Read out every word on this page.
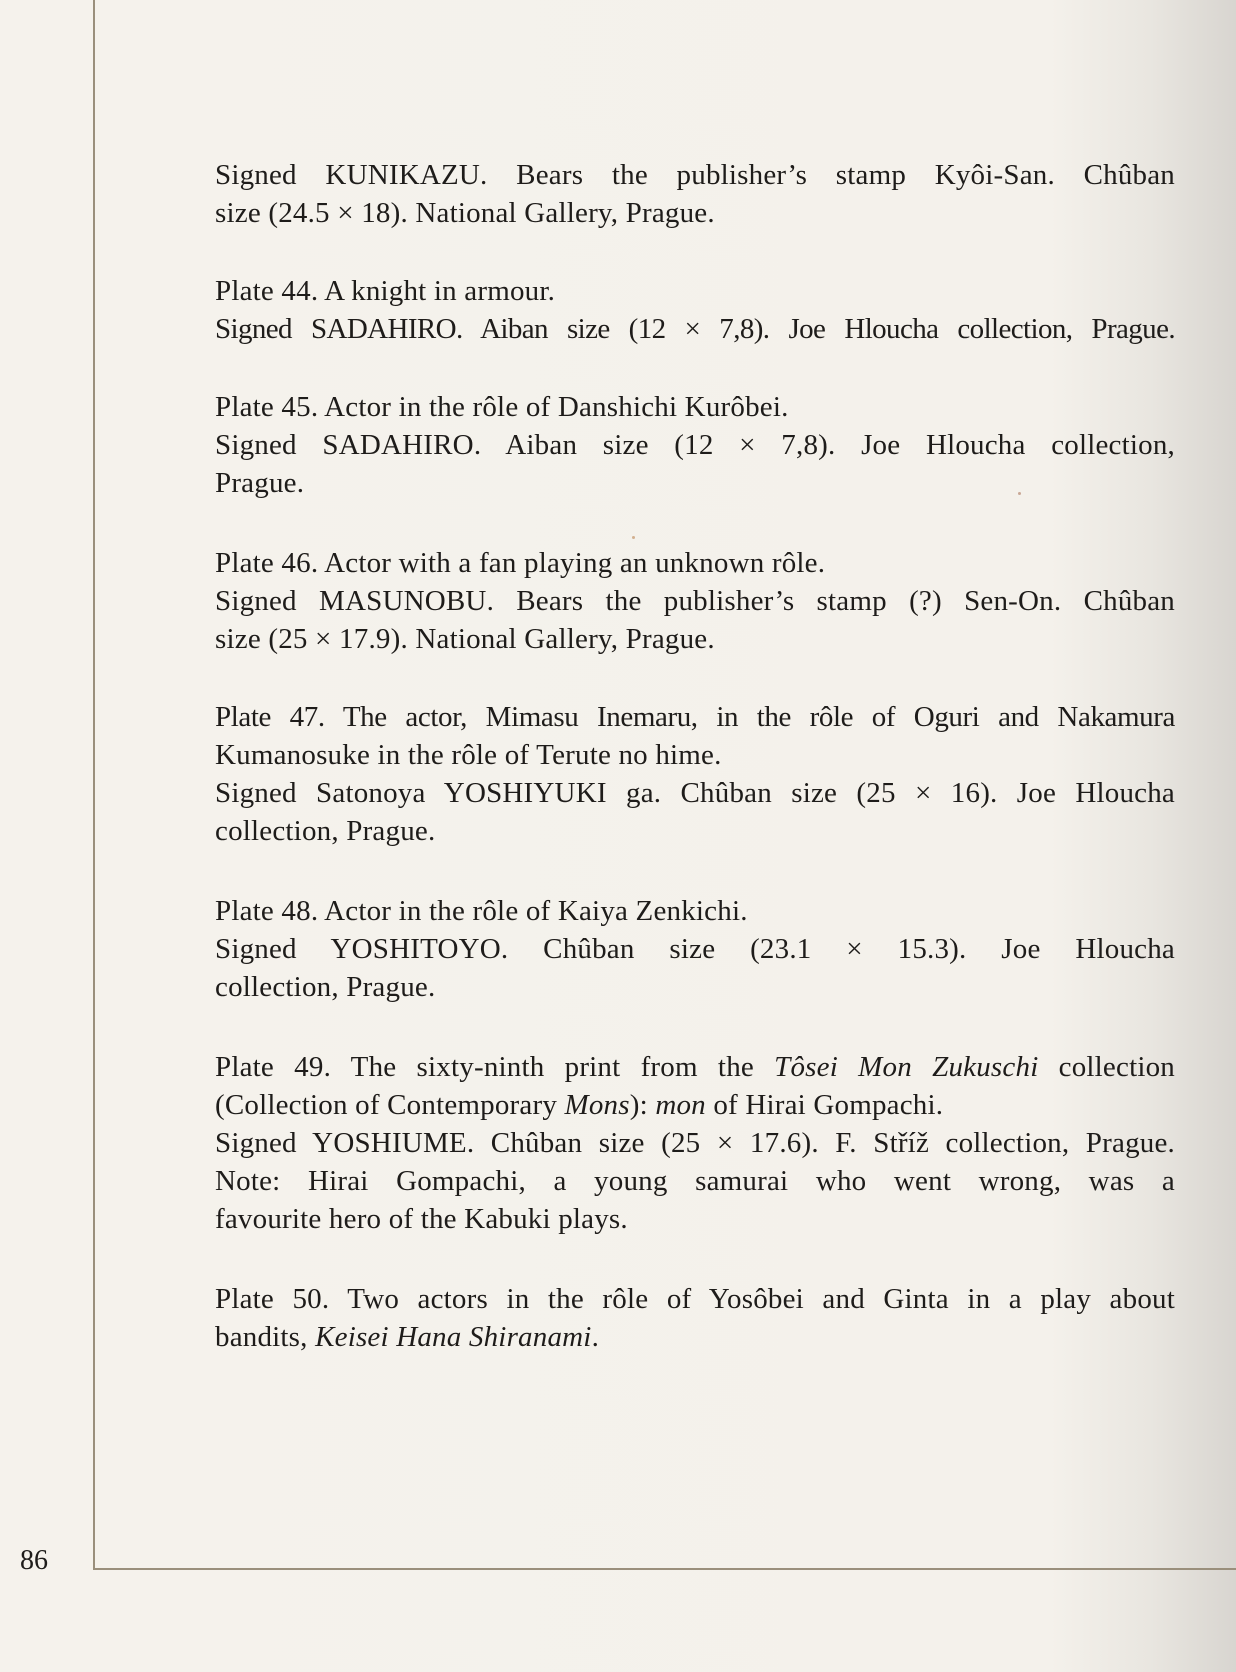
Signed KUNIKAZU. Bears the publisher’s stamp Kyôi-San. Chûban

size (24.5 × 18). National Gallery, Prague.

Plate 44. A knight in armour.

Signed SADAHIRO. Aiban size (12 × 7,8). Joe Hloucha collection, Prague.

Plate 45. Actor in the rôle of Danshichi Kurôbei.

Signed SADAHIRO. Aiban size (12 × 7,8). Joe Hloucha collection,

Prague.

Plate 46. Actor with a fan playing an unknown rôle.

Signed MASUNOBU. Bears the publisher’s stamp (?) Sen-On. Chûban

size (25 × 17.9). National Gallery, Prague.

Plate 47. The actor, Mimasu Inemaru, in the rôle of Oguri and Nakamura

Kumanosuke in the rôle of Terute no hime.

Signed Satonoya YOSHIYUKI ga. Chûban size (25 × 16). Joe Hloucha

collection, Prague.

Plate 48. Actor in the rôle of Kaiya Zenkichi.

Signed YOSHITOYO. Chûban size (23.1 × 15.3). Joe Hloucha

collection, Prague.

Plate 49. The sixty-ninth print from the Tôsei Mon Zukuschi collection

(Collection of Contemporary Mons): mon of Hirai Gompachi.

Signed YOSHIUME. Chûban size (25 × 17.6). F. Stříž collection, Prague.

Note: Hirai Gompachi, a young samurai who went wrong, was a

favourite hero of the Kabuki plays.

Plate 50. Two actors in the rôle of Yosôbei and Ginta in a play about

bandits, Keisei Hana Shiranami.

86
